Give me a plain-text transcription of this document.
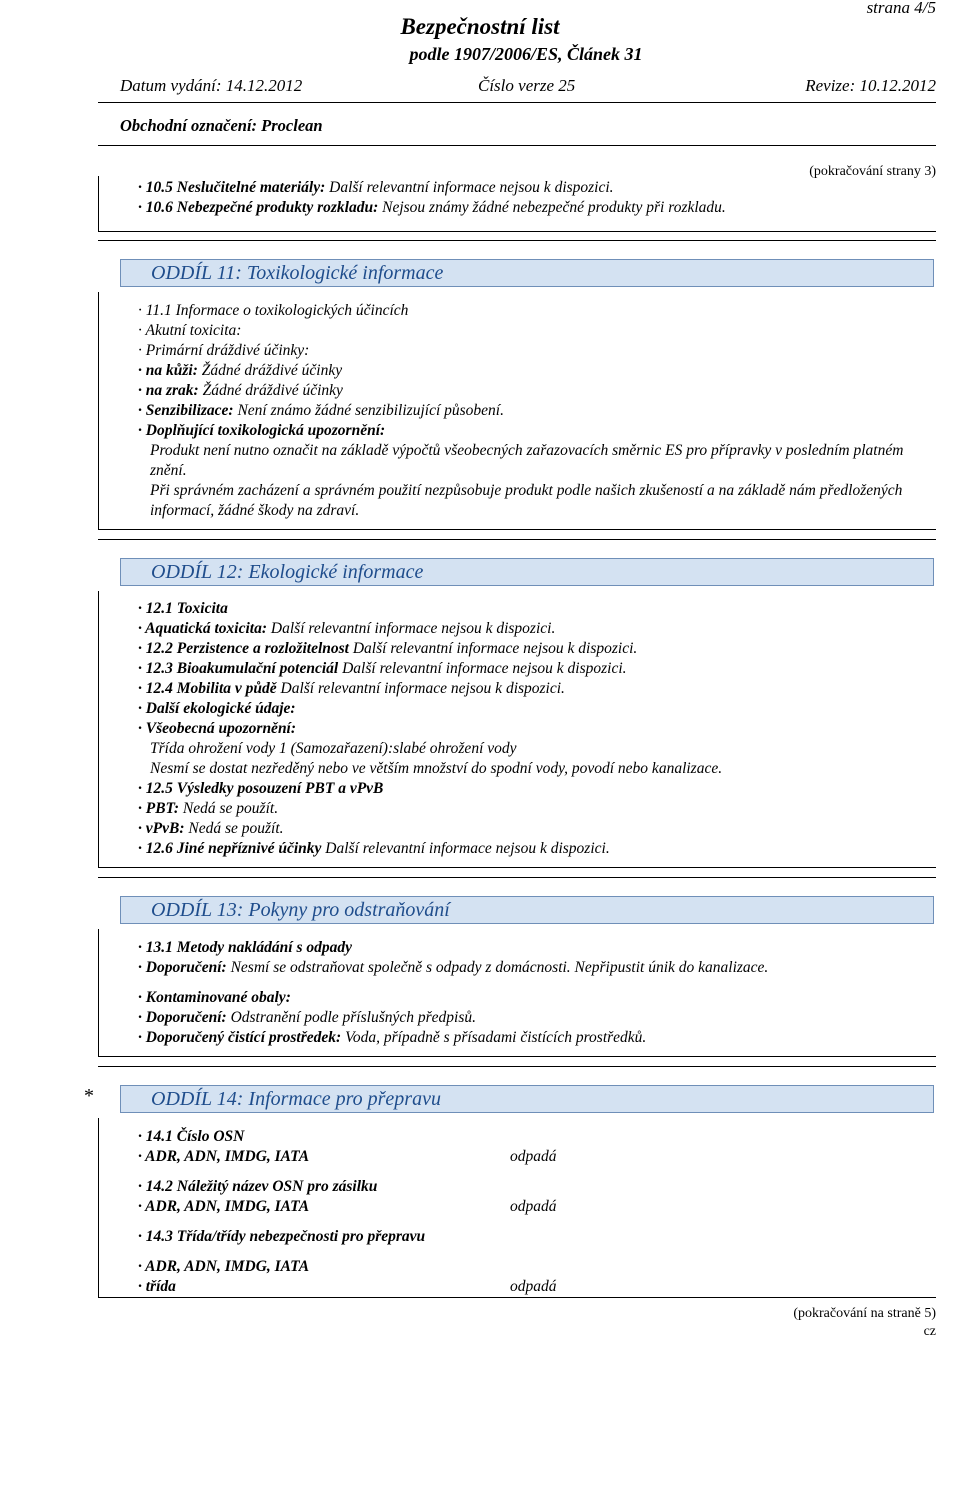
strana 4/5
Bezpečnostní list
podle 1907/2006/ES, Článek 31
Datum vydání: 14.12.2012	Číslo verze 25	Revize: 10.12.2012
Obchodní označení: Proclean
(pokračování strany 3)
· 10.5 Neslučitelné materiály: Další relevantní informace nejsou k dispozici.
· 10.6 Nebezpečné produkty rozkladu: Nejsou známy žádné nebezpečné produkty při rozkladu.
ODDÍL 11: Toxikologické informace
· 11.1 Informace o toxikologických účincích
· Akutní toxicita:
· Primární dráždivé účinky:
· na kůži: Žádné dráždivé účinky
· na zrak: Žádné dráždivé účinky
· Senzibilizace: Není známo žádné senzibilizující působení.
· Doplňující toxikologická upozornění:
Produkt není nutno označit na základě výpočtů všeobecných zařazovacích směrnic ES pro přípravky v posledním platném znění.
Při správném zacházení a správném použití nezpůsobuje produkt podle našich zkušeností a na základě nám předložených informací, žádné škody na zdraví.
ODDÍL 12: Ekologické informace
· 12.1 Toxicita
· Aquatická toxicita: Další relevantní informace nejsou k dispozici.
· 12.2 Perzistence a rozložitelnost Další relevantní informace nejsou k dispozici.
· 12.3 Bioakumulační potenciál Další relevantní informace nejsou k dispozici.
· 12.4 Mobilita v půdě Další relevantní informace nejsou k dispozici.
· Další ekologické údaje:
· Všeobecná upozornění:
Třída ohrožení vody 1 (Samozařazení):slabé ohrožení vody
Nesmí se dostat nezředěný nebo ve větším množství do spodní vody, povodí nebo kanalizace.
· 12.5 Výsledky posouzení PBT a vPvB
· PBT: Nedá se použít.
· vPvB: Nedá se použít.
· 12.6 Jiné nepříznivé účinky Další relevantní informace nejsou k dispozici.
ODDÍL 13: Pokyny pro odstraňování
· 13.1 Metody nakládání s odpady
· Doporučení: Nesmí se odstraňovat společně s odpady z domácnosti. Nepřipustit únik do kanalizace.
· Kontaminované obaly:
· Doporučení: Odstranění podle příslušných předpisů.
· Doporučený čistící prostředek: Voda, případně s přísadami čistících prostředků.
*	ODDÍL 14: Informace pro přepravu
· 14.1 Číslo OSN
· ADR, ADN, IMDG, IATA	odpadá
· 14.2 Náležitý název OSN pro zásilku
· ADR, ADN, IMDG, IATA	odpadá
· 14.3 Třída/třídy nebezpečnosti pro přepravu
· ADR, ADN, IMDG, IATA
· třída	odpadá
(pokračování na straně 5)
cz
